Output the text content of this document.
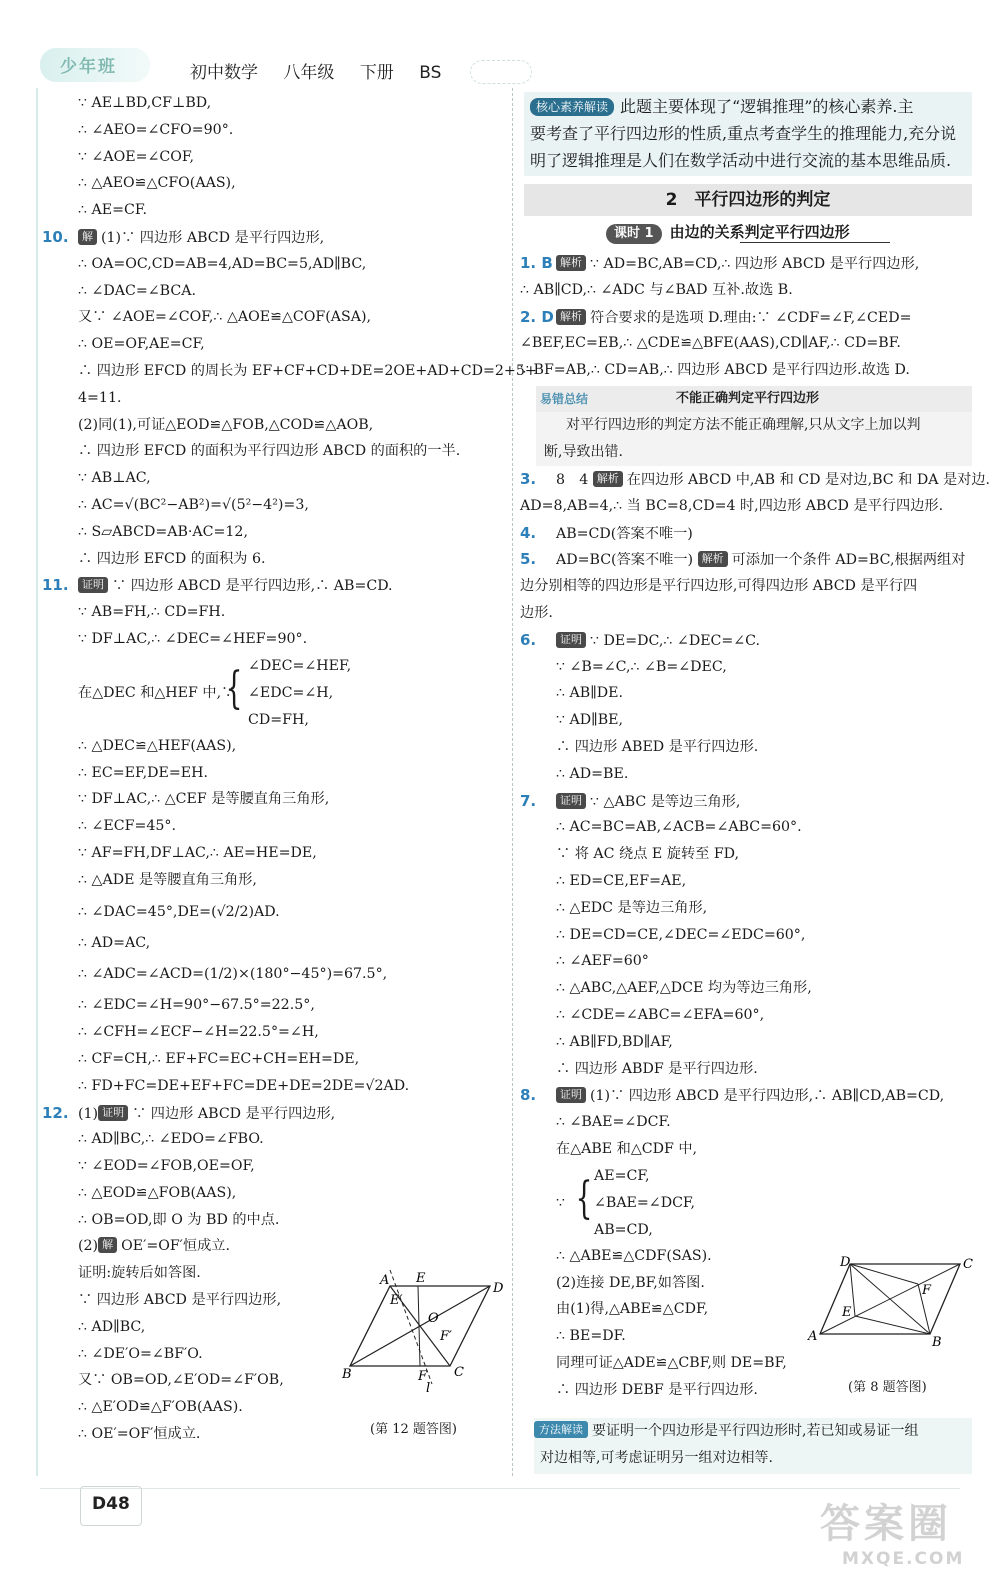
少年班	初中数学 八年级 下册 BS
∵ AE⊥BD,CF⊥BD,
∴ ∠AEO=∠CFO=90°.
∵ ∠AOE=∠COF,
∴ △AEO≌△CFO(AAS),
∴ AE=CF.
10. 解 (1)∵ 四边形 ABCD 是平行四边形,
∴ OA=OC,CD=AB=4,AD=BC=5,AD∥BC,
∴ ∠DAC=∠BCA.
又∵ ∠AOE=∠COF,∴ △AOE≌△COF(ASA),
∴ OE=OF,AE=CF,
∴ 四边形 EFCD 的周长为 EF+CF+CD+DE=2OE+AD+CD=2+5+
4=11.
(2)同(1),可证△EOD≌△FOB,△COD≌△AOB,
∴ 四边形 EFCD 的面积为平行四边形 ABCD 的面积的一半.
∵ AB⊥AC,
∴ AC=√(BC²−AB²)=√(5²−4²)=3,
∴ S▱ABCD=AB·AC=12,
∴ 四边形 EFCD 的面积为 6.
11. 证明 ∵ 四边形 ABCD 是平行四边形,∴ AB=CD.
∵ AB=FH,∴ CD=FH.
∵ DF⊥AC,∴ ∠DEC=∠HEF=90°.
在△DEC 和△HEF 中,∵
{ ∠DEC=∠HEF,
∠EDC=∠H,
CD=FH,
∴ △DEC≌△HEF(AAS),
∴ EC=EF,DE=EH.
∵ DF⊥AC,∴ △CEF 是等腰直角三角形,
∴ ∠ECF=45°.
∵ AF=FH,DF⊥AC,∴ AE=HE=DE,
∴ △ADE 是等腰直角三角形,
∴ ∠DAC=45°,DE=(√2/2)AD.
∴ AD=AC,
∴ ∠ADC=∠ACD=(1/2)×(180°−45°)=67.5°,
∴ ∠EDC=∠H=90°−67.5°=22.5°,
∴ ∠CFH=∠ECF−∠H=22.5°=∠H,
∴ CF=CH,∴ EF+FC=EC+CH=EH=DE,
∴ FD+FC=DE+EF+FC=DE+DE=2DE=√2AD.
12. (1) 证明 ∵ 四边形 ABCD 是平行四边形,
∴ AD∥BC,∴ ∠EDO=∠FBO.
∵ ∠EOD=∠FOB,OE=OF,
∴ △EOD≌△FOB(AAS),
∴ OB=OD,即 O 为 BD 的中点.
(2) 解 OE′=OF′恒成立.
证明:旋转后如答图.
∵ 四边形 ABCD 是平行四边形,
∴ AD∥BC,
∴ ∠DE′O=∠BF′O.
又∵ OB=OD,∠E′OD=∠F′OB,
∴ △E′OD≌△F′OB(AAS).
∴ OE′=OF′恒成立.
A E
E′
D
O
B	F
F′
C
l
(第 12 题答图)
核心素养解读 此题主要体现了“逻辑推理”的核心素养.主
要考查了平行四边形的性质,重点考查学生的推理能力,充分说
明了逻辑推理是人们在数学活动中进行交流的基本思维品质.
2　平行四边形的判定
课时 1 由边的关系判定平行四边形
1. B 解析 ∵ AD=BC,AB=CD,∴ 四边形 ABCD 是平行四边形,
∴ AB∥CD,∴ ∠ADC 与∠BAD 互补.故选 B.
2. D 解析 符合要求的是选项 D.理由:∵ ∠CDF=∠F,∠CED=
∠BEF,EC=EB,∴ △CDE≌△BFE(AAS),CD∥AF,∴ CD=BF.
∵ BF=AB,∴ CD=AB,∴ 四边形 ABCD 是平行四边形.故选 D.
易错总结	不能正确判定平行四边形
对平行四边形的判定方法不能正确理解,只从文字上加以判
断,导致出错.
3. 8　4 解析 在四边形 ABCD 中,AB 和 CD 是对边,BC 和 DA 是对边.
AD=8,AB=4,∴ 当 BC=8,CD=4 时,四边形 ABCD 是平行四边形.
4. AB=CD(答案不唯一)
5. AD=BC(答案不唯一) 解析 可添加一个条件 AD=BC,根据两组对
边分别相等的四边形是平行四边形,可得四边形 ABCD 是平行四
边形.
6. 证明 ∵ DE=DC,∴ ∠DEC=∠C.
∵ ∠B=∠C,∴ ∠B=∠DEC,
∴ AB∥DE.
∵ AD∥BE,
∴ 四边形 ABED 是平行四边形.
∴ AD=BE.
7. 证明 ∵ △ABC 是等边三角形,
∴ AC=BC=AB,∠ACB=∠ABC=60°.
∵ 将 AC 绕点 E 旋转至 FD,
∴ ED=CE,EF=AE,
∴ △EDC 是等边三角形,
∴ DE=CD=CE,∠DEC=∠EDC=60°,
∴ ∠AEF=60°
∴ △ABC,△AEF,△DCE 均为等边三角形,
∴ ∠CDE=∠ABC=∠EFA=60°,
∴ AB∥FD,BD∥AF,
∴ 四边形 ABDF 是平行四边形.
8. 证明 (1)∵ 四边形 ABCD 是平行四边形,∴ AB∥CD,AB=CD,
∴ ∠BAE=∠DCF.
在△ABE 和△CDF 中,
∵ { AE=CF,
∠BAE=∠DCF,
AB=CD,
∴ △ABE≌△CDF(SAS).
(2)连接 DE,BF,如答图.
由(1)得,△ABE≌△CDF,
∴ BE=DF.
同理可证△ADE≌△CBF,则 DE=BF,
∴ 四边形 DEBF 是平行四边形.
D	C
F
E
A	B
(第 8 题答图)
方法解读 要证明一个四边形是平行四边形时,若已知或易证一组
对边相等,可考虑证明另一组对边相等.
D48	答案圈
MXQE.COM
